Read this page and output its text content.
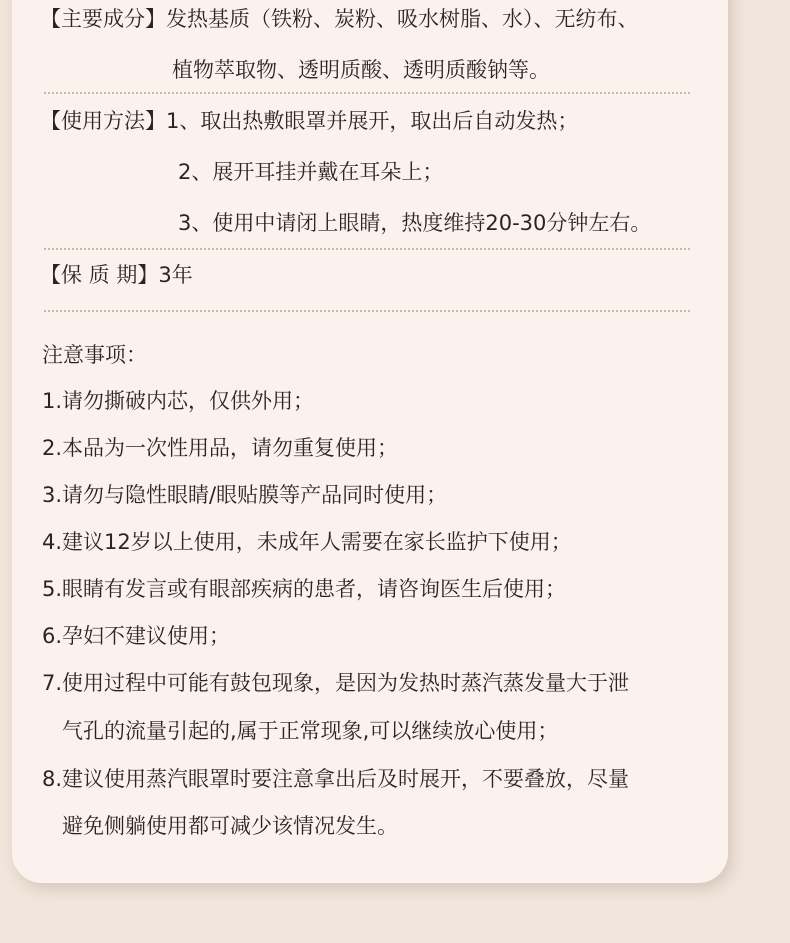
【主要成分】发热基质（铁粉、炭粉、吸水树脂、水）、无纺布、
植物萃取物、透明质酸、透明质酸钠等。
【使用方法】1、取出热敷眼罩并展开，取出后自动发热；
2、展开耳挂并戴在耳朵上；
3、使用中请闭上眼睛，热度维持20-30分钟左右。
【保 质 期】3年
注意事项：
1.请勿撕破内芯，仅供外用；
2.本品为一次性用品，请勿重复使用；
3.请勿与隐性眼睛/眼贴膜等产品同时使用；
4.建议12岁以上使用，未成年人需要在家长监护下使用；
5.眼睛有发言或有眼部疾病的患者，请咨询医生后使用；
6.孕妇不建议使用；
7.使用过程中可能有鼓包现象，是因为发热时蒸汽蒸发量大于泄
气孔的流量引起的,属于正常现象,可以继续放心使用；
8.建议使用蒸汽眼罩时要注意拿出后及时展开，不要叠放，尽量
避免侧躺使用都可减少该情况发生。
